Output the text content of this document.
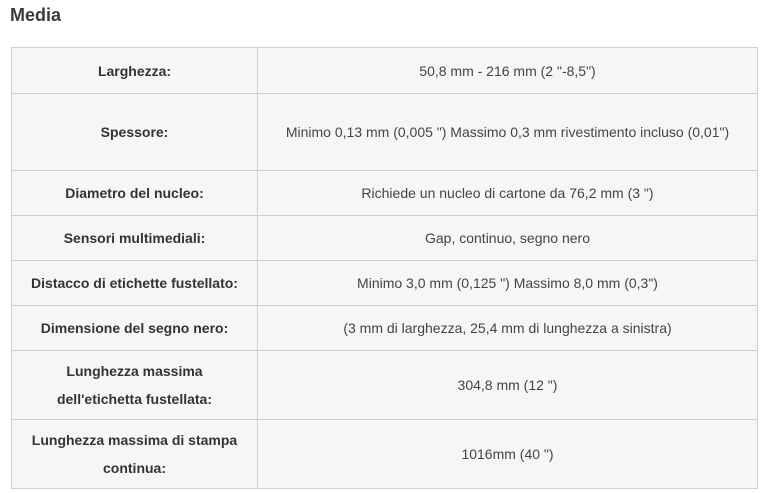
Media
Larghezza:	50,8 mm - 216 mm (2 "-8,5")
Spessore:	Minimo 0,13 mm (0,005 ") Massimo 0,3 mm rivestimento incluso (0,01")
Diametro del nucleo:	Richiede un nucleo di cartone da 76,2 mm (3 ")
Sensori multimediali:	Gap, continuo, segno nero
Distacco di etichette fustellato:	Minimo 3,0 mm (0,125 ") Massimo 8,0 mm (0,3")
Dimensione del segno nero:	(3 mm di larghezza, 25,4 mm di lunghezza a sinistra)
Lunghezza massima dell'etichetta fustellata:	304,8 mm (12 ")
Lunghezza massima di stampa continua:	1016mm (40 ")
